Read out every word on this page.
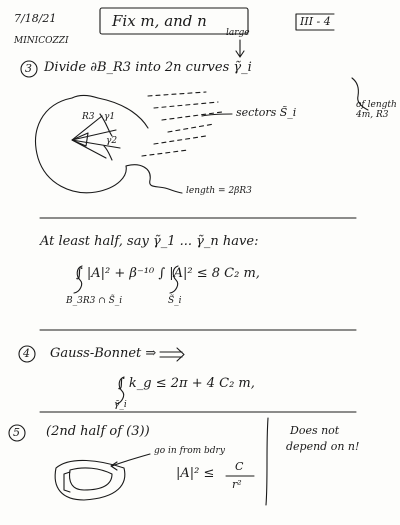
7/18/21
MINICOZZI
Fix m, and n	III - 4
3
large
Divide ∂B_R3 into 2n curves γ̃_i
of length 4m, R3
R3 γ1
γ2
sectors S̃_i
length = 2βR3
At least half, say γ̃_1 ... γ̃_n have:
∫ |A|² + β⁻¹⁰ ∫ |A|² ≤ 8 C₂ m,
B_3R3 ∩ S̃_i	S̃_i
4 Gauss-Bonnet ⇒
∫ k_g ≤ 2π + 4 C₂ m,
γ̃_i
5 (2nd half of (3))
go in from bdry
|A|² ≤ C
r²
Does not
depend on n!
